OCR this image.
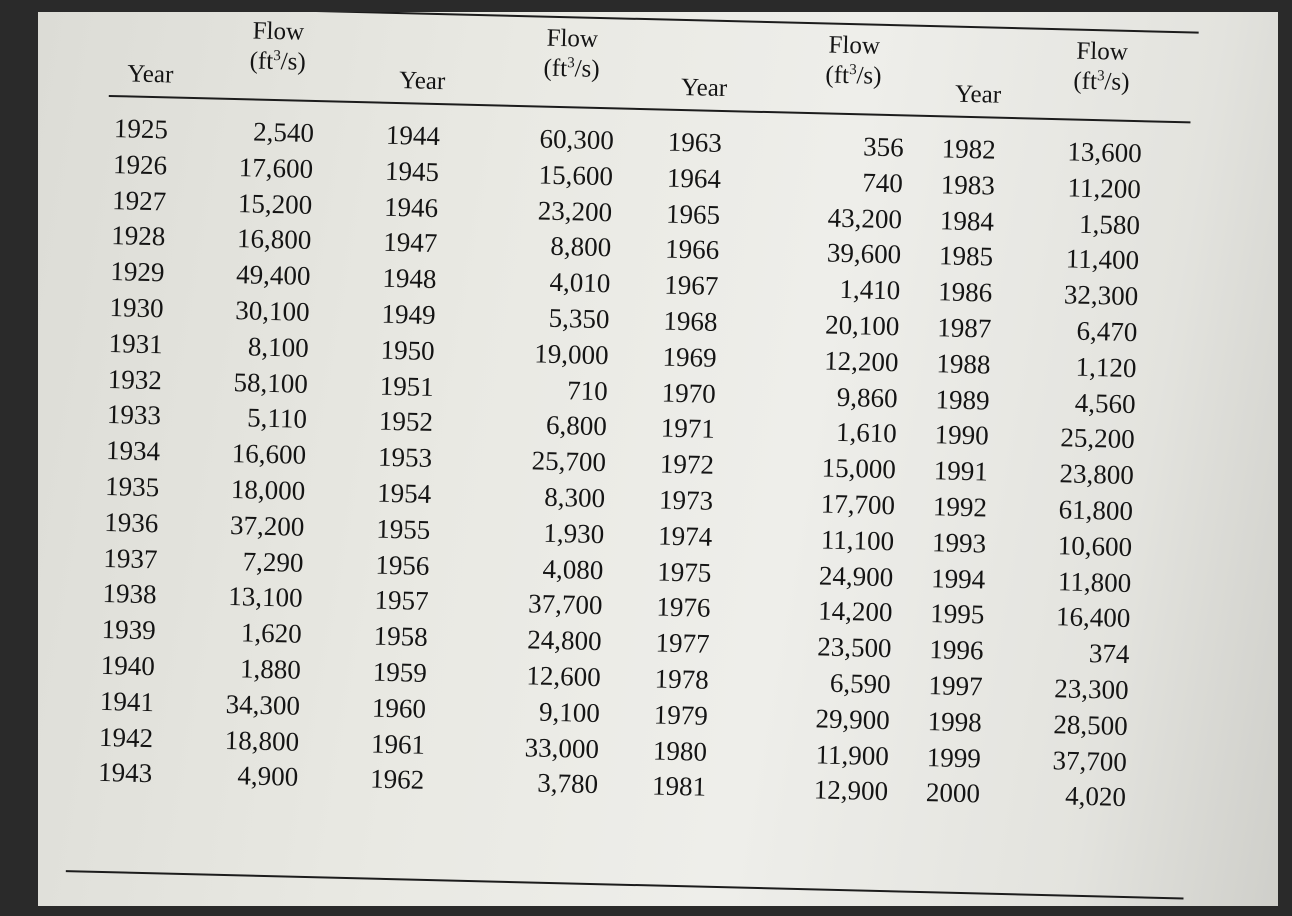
Year
Flow
$(ft^3/s)$
Year
Flow
$(ft^3/s)$
Year
Flow
$(ft^3/s)$
Year
Flow
$(ft^3/s)$
1925
1926
1927
1928
1929
1930
1931
1932
1933
1934
1935
1936
1937
1938
1939
1940
1941
1942
1943
2,540
17,600
15,200
16,800
49,400
30,100
8,100
58,100
5,110
16,600
18,000
37,200
7,290
13,100
1,620
1,880
34,300
18,800
4,900
1944
1945
1946
1947
1948
1949
1950
1951
1952
1953
1954
1955
1956
1957
1958
1959
1960
1961
1962
60,300
15,600
23,200
8,800
4,010
5,350
19,000
710
6,800
25,700
8,300
1,930
4,080
37,700
24,800
12,600
9,100
33,000
3,780
1963
1964
1965
1966
1967
1968
1969
1970
1971
1972
1973
1974
1975
1976
1977
1978
1979
1980
1981
356
740
43,200
39,600
1,410
20,100
12,200
9,860
1,610
15,000
17,700
11,100
24,900
14,200
23,500
6,590
29,900
11,900
12,900
1982
1983
1984
1985
1986
1987
1988
1989
1990
1991
1992
1993
1994
1995
1996
1997
1998
1999
2000
13,600
11,200
1,580
11,400
32,300
6,470
1,120
4,560
25,200
23,800
61,800
10,600
11,800
16,400
374
23,300
28,500
37,700
4,020
